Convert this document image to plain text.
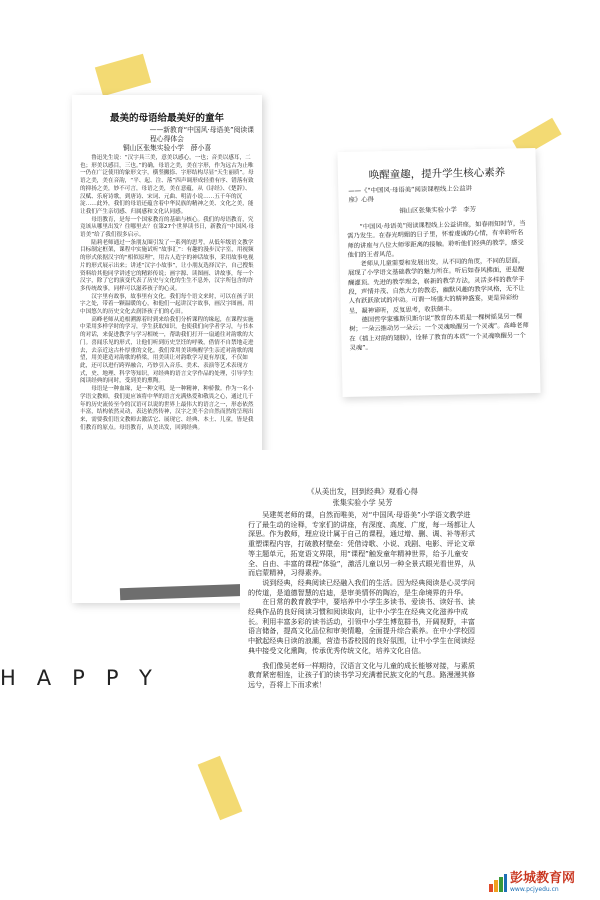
最美的母语给最美好的童年
——新教育“中国风·母语美”阅读课
程心得体会
铜山区张集实验小学　薛小喜

鲁迅先生说：“汉字具三美，意美以感心，一也；音美以感耳，二也；形美以感目，三也。”的确，母语之美，美在字形，作为远古为止唯一仍在广泛使用的象形文字，横竖撇捺、字形结构尽显“天生丽质”。母语之美，美在音韵，“平、起、注、落”四声调形成轻重有序、错落有致的抑扬之美，妙不可言，母语之美，美在意蕴，从《诗经》、《楚辞》、汉赋、乐府诗歌，到唐诗、宋词、元曲、明清小说……五千年的沉淀……此外，我们的母语还蕴含着中华民族的精神之美、文化之美，能让我们产生亲切感、归属感和文化认同感。

母语教育，是每一个国家教育的基础与核心。我们的母语教育，究竟该从哪里出发？往哪里去？在第27个世界读书日，新教育“中国风·母语美”给了我们很多启示。

陆莉老师通过一条朋友圈引发了一系列的思考，从低年级语文教学目标制定框架，课程中实施试听“故事汇”：有趣的漫步汉字室，用视频的形式依据汉字的“相似原理”，用古人造字的神话故事，采用故事电视片的形式展示出来；讲述“汉字小故事”，让小朋友选择汉字，自己搜集资料给其他同学讲述它的精彩传说；画字源、读图画、讲故事，每一个汉字，除了它的演变代表了历史与文化的生生不息外，汉字所包含的许多传统故事，同样可以滋养孩子的心灵。

汉字里有故事，故事里有文化。我们每个语文来时，可以在孩子识字之处，带着一颗温暖的心，和他们一起讲汉字故事，画汉字图画，用中国悠久的历史文化去润泽孩子们的心田。

高峰老师从追根溯源着时到来给我们分析课程的缘起，在课程实施中采用多样学时的学习，学生获取知识，也使我们向学者学习，与书本的对话，来促进教学与学习相统一，帮助我们打开一扇通往对韵歌的大门。喜闻乐见的形式，让他们听到历史烹饪的呼吸，借情不自禁地走进去，去亲近这古朴厚重的文化。我们常用美读唤醒学生亲近对韵歌的渴望，用美建造对韵歌的桥梁，用美读让对韵歌学习更有厚度，不仅如此，还可以进行跨界融合，巧妙引入音乐、美术、表演等艺术表现方式，史、地理、科学等知识，对经典的语言文学作品的处理，引导学生阅读经典的同时，受到美的熏陶。

母语是一种血缘，是一种文明，是一种精神，种骄傲。作为一名小学语文教师，我们更应该将中华的语言充满热爱和敬畏之心，通过几千年的历史流传至今的汉语可以说的世界上最伟大的语言之一，形态依然丰富，结构依然灵动，表达依然传神，汉字之美不会自然而然的呈现出来，需要我们语文教师去激活它、展现它、经典、本土、儿童，皆是我们教育的原点。母语教育，从美出发，回到经典。

唤醒童趣，提升学生核心素养
——《“中国风·母语美”阅读课程线上公益讲
座》心得
铜山区张集实验小学　李芳

“中国风·母语美”阅读课程线上公益讲座，如春雨知时节，当需乃发生。在春光明媚的日子里，怀着虔诚的心情，有幸聆听名师的讲座与八位大师零距离的接触。聆听他们经典的教学，感受他们的王者风范。

老师从儿童需要和发展出发，从不同的角度，不同的层面，展现了小学语文基础教学的魅力所在。听后如春风拂面，更是醍醐灌顶。先进的教学理念，崭新的教学方法，灵活多样的教学手段，声情并茂、自然大方的教态，幽默风趣的教学风格，无不让人有跃跃欲试的冲动。可谓一场盛大的精神盛宴，更是异彩纷呈，凝神谛听，反复思考，收获颇丰。

德国哲学家雅斯贝斯尔说“教育的本质是一棵树摇晃另一棵树；一朵云推动另一朵云；一个灵魂唤醒另一个灵魂”。高峰老师在《插上对韵的翅膀》，诠释了教育的本质”一个灵魂唤醒另一个灵魂”。

《从美出发，回到经典》观看心得
张集实验小学 吴芳

吴建英老师的课，自然而唯美，对“中国风·母语美”小学语文教学进行了最生动的诠释，专家们的讲座，有深度、高度、广度，每一场都让人深思。作为教师，理应设计属于自己的课程，通过增、删、调、补等形式重塑课程内容，打破教材壁垒：凭借诗歌、小说、戏剧、电影、评论文章等主题单元，拓宽语文界限，用“课程”触发童年精神世界，给予儿童安全、自由、丰富的课程“体验”，激活儿童以另一种全景式眼光看世界，从而启蒙精神，习得素养。

说到经典，经典阅读已经融入我们的生活。因为经典阅读是心灵学问的传道，是道德智慧的启迪，是审美情怀的陶冶，是生命境界的升华。

在日常的教育教学中，要培养中小学生多读书、爱读书、读好书、读经典作品的良好阅读习惯和阅读取向，让中小学生在经典文化滋养中成长。利用丰富多彩的读书活动，引领中小学生博览群书，开阔视野，丰富语言储备，提高文化品位和审美情趣，全面提升综合素养。在中小学校园中掀起经典日读的浪潮，营造书香校园的良好氛围，让中小学生在阅读经典中接受文化熏陶，传承优秀传统文化，培养文化自信。

我们像吴老师一样期待，汉语言文化与儿童的成长能够对接，与素质教育紧密相连，让孩子们的读书学习充满着民族文化的气息。路漫漫其修远兮，吾将上下而求索！

HAPPY
彭城教育网
www.pcjyedu.cn
